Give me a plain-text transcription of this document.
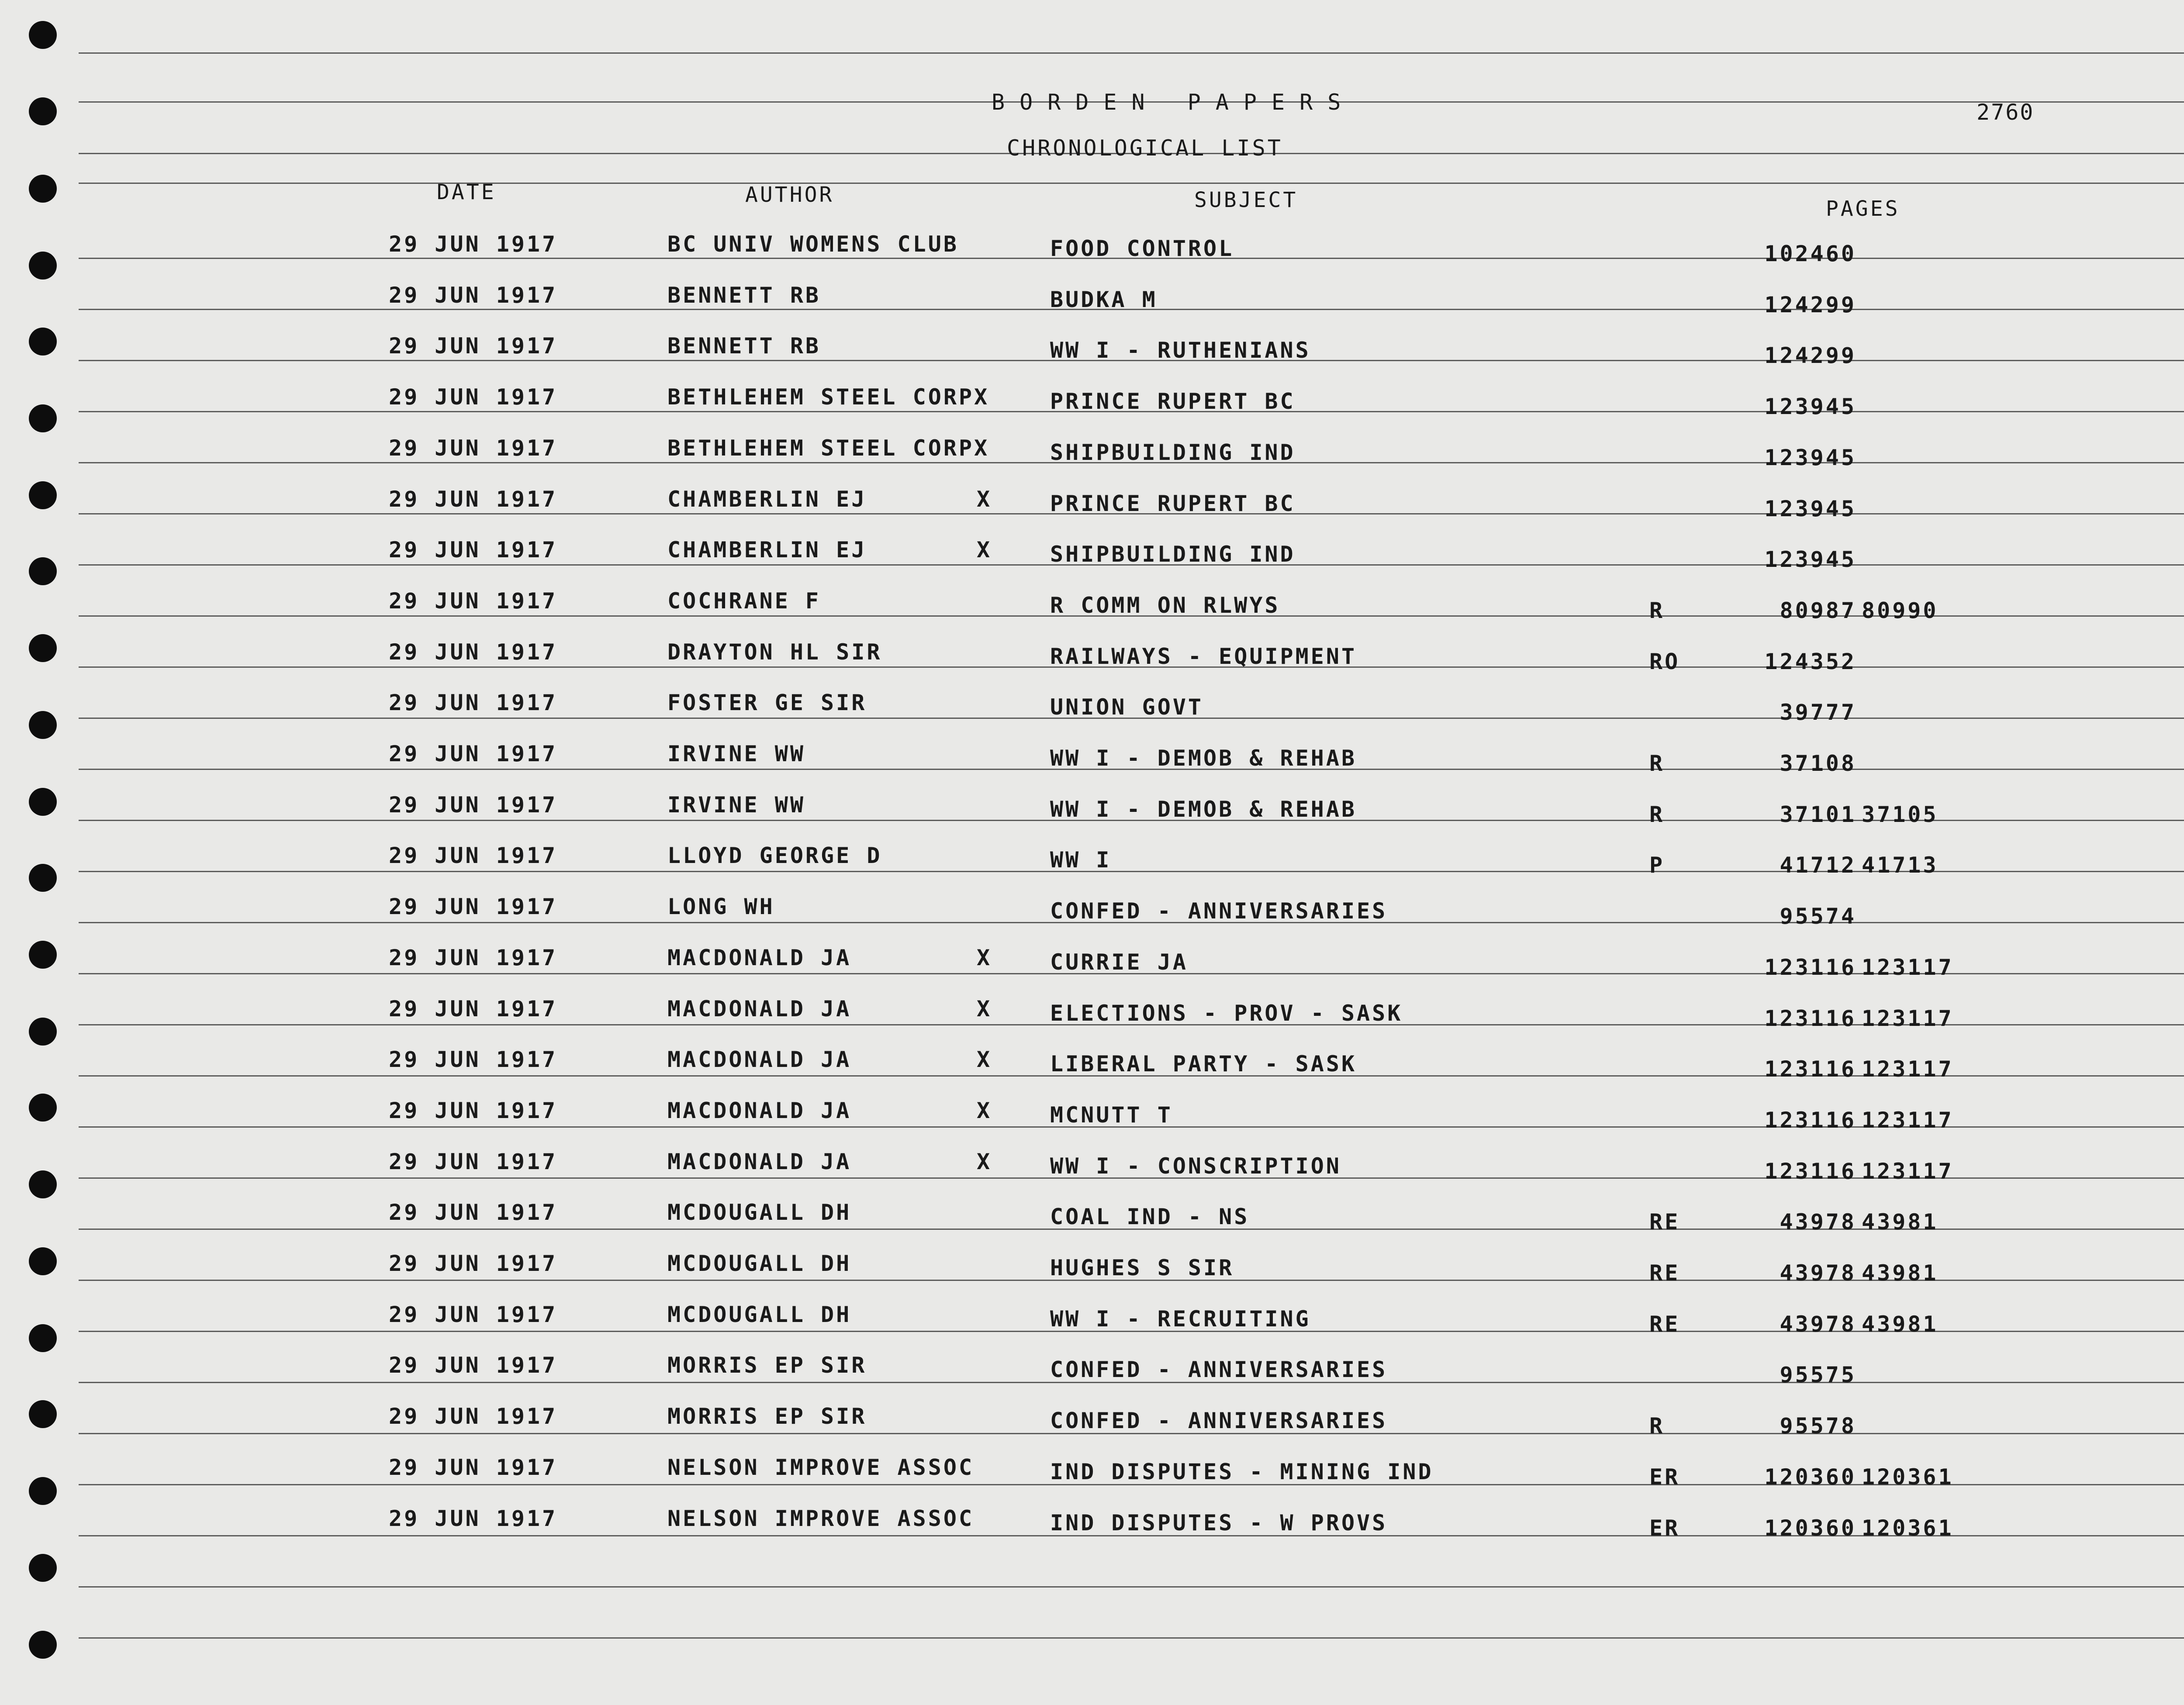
BORDEN PAPERS
CHRONOLOGICAL LIST
2760
DATE	AUTHOR	SUBJECT	PAGES
29 JUN 1917	BC UNIV WOMENS CLUB	FOOD CONTROL	102460
29 JUN 1917	BENNETT RB	BUDKA M	124299
29 JUN 1917	BENNETT RB	WW I - RUTHENIANS	124299
29 JUN 1917	BETHLEHEM STEEL CORPX	PRINCE RUPERT BC	123945
29 JUN 1917	BETHLEHEM STEEL CORPX	SHIPBUILDING IND	123945
29 JUN 1917	CHAMBERLIN EJ	X	PRINCE RUPERT BC	123945
29 JUN 1917	CHAMBERLIN EJ	X	SHIPBUILDING IND	123945
29 JUN 1917	COCHRANE F	R COMM ON RLWYS	R	80987 80990
29 JUN 1917	DRAYTON HL SIR	RAILWAYS - EQUIPMENT	RO	124352
29 JUN 1917	FOSTER GE SIR	UNION GOVT	39777
29 JUN 1917	IRVINE WW	WW I - DEMOB & REHAB	R	37108
29 JUN 1917	IRVINE WW	WW I - DEMOB & REHAB	R	37101 37105
29 JUN 1917	LLOYD GEORGE D	WW I	P	41712 41713
29 JUN 1917	LONG WH	CONFED - ANNIVERSARIES	95574
29 JUN 1917	MACDONALD JA	X	CURRIE JA	123116 123117
29 JUN 1917	MACDONALD JA	X	ELECTIONS - PROV - SASK	123116 123117
29 JUN 1917	MACDONALD JA	X	LIBERAL PARTY - SASK	123116 123117
29 JUN 1917	MACDONALD JA	X	MCNUTT T	123116 123117
29 JUN 1917	MACDONALD JA	X	WW I - CONSCRIPTION	123116 123117
29 JUN 1917	MCDOUGALL DH	COAL IND - NS	RE	43978 43981
29 JUN 1917	MCDOUGALL DH	HUGHES S SIR	RE	43978 43981
29 JUN 1917	MCDOUGALL DH	WW I - RECRUITING	RE	43978 43981
29 JUN 1917	MORRIS EP SIR	CONFED - ANNIVERSARIES	95575
29 JUN 1917	MORRIS EP SIR	CONFED - ANNIVERSARIES	R	95578
29 JUN 1917	NELSON IMPROVE ASSOC	IND DISPUTES - MINING IND	ER	120360 120361
29 JUN 1917	NELSON IMPROVE ASSOC	IND DISPUTES - W PROVS	ER	120360 120361
